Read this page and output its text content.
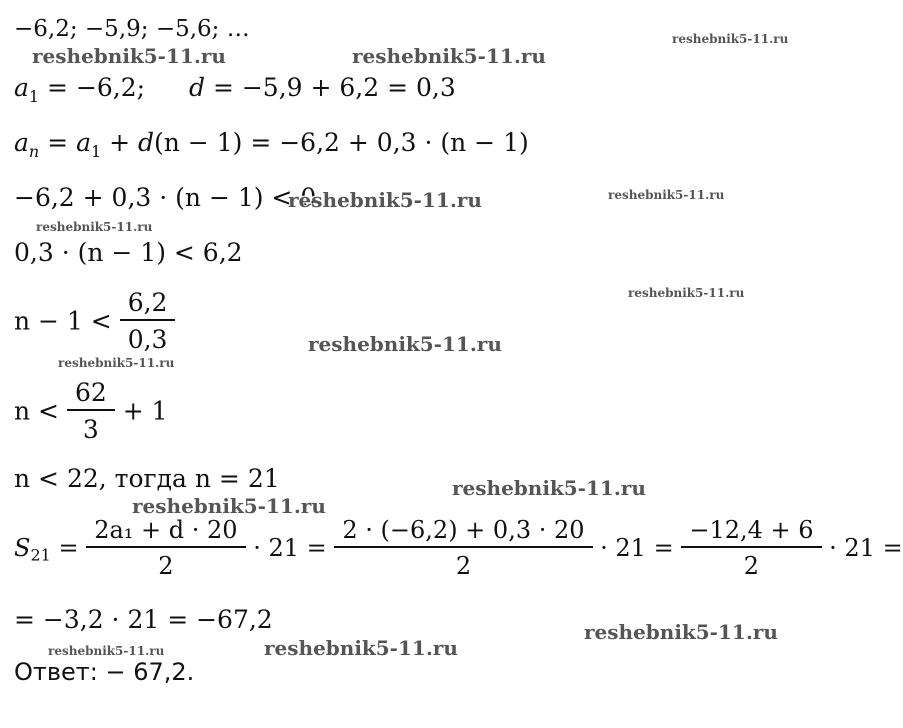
−6,2; −5,9; −5,6; …
$a_1 = -6,2$; d = −5,9 + 6,2 = 0,3
$a_n = a_1 + d(n - 1) = -6,2 + 0,3 \cdot (n - 1)$
−6,2 + 0,3 · (n − 1) < 0
0,3 · (n − 1) < 6,2
$n - 1 < \frac{6,2}{0,3}$
$n < \frac{62}{3} + 1$
n < 22, тогда n = 21
$S_{21} = \frac{\text{2a₁ + d · 20}}{2} \cdot 21 = \frac{2 \cdot (-6,2) + 0,3 \cdot 20}{2} \cdot 21 = \frac{-12,4 + 6}{2} \cdot 21$ =
= −3,2 · 21 = −67,2
Ответ: − 67,2.
reshebnik5-11.ru	reshebnik5-11.ru
reshebnik5-11.ru
reshebnik5-11.ru	reshebnik5-11.ru
reshebnik5-11.ru
reshebnik5-11.ru
reshebnik5-11.ru
reshebnik5-11.ru
reshebnik5-11.ru
reshebnik5-11.ru
reshebnik5-11.ru
reshebnik5-11.ru	reshebnik5-11.ru
